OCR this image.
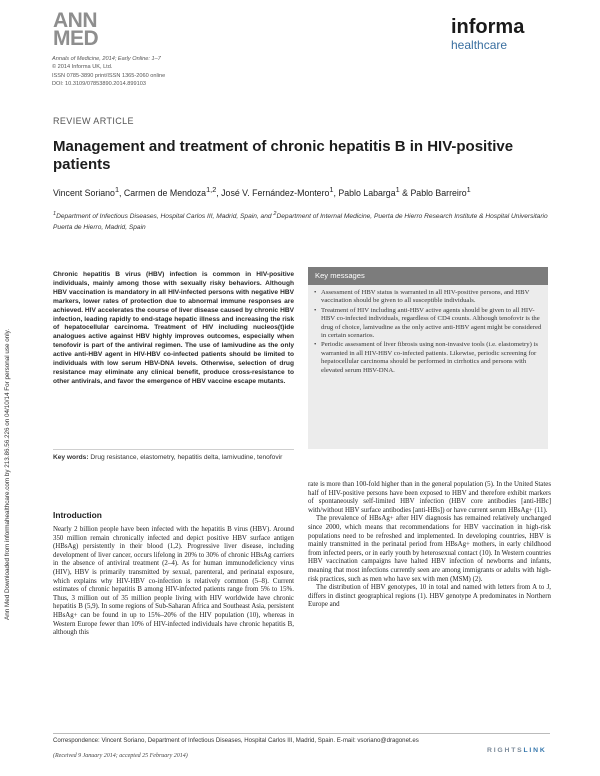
ANN
MED
Annals of Medicine, 2014; Early Online: 1–7
© 2014 Informa UK, Ltd.
ISSN 0785-3890 print/ISSN 1365-2060 online
DOI: 10.3109/07853890.2014.899103
informa
healthcare
REVIEW ARTICLE
Management and treatment of chronic hepatitis B in HIV-positive patients
Vincent Soriano$^1$, Carmen de Mendoza$^{1,2}$, José V. Fernández-Montero$^1$, Pablo Labarga$^1$ & Pablo Barreiro$^1$
$^1$Department of Infectious Diseases, Hospital Carlos III, Madrid, Spain, and $^2$Department of Internal Medicine, Puerta de Hierro Research Institute & Hospital Universitario Puerta de Hierro, Madrid, Spain
Ann Med Downloaded from informahealthcare.com by 213.86.56.226 on 04/10/14 For personal use only.
Chronic hepatitis B virus (HBV) infection is common in HIV-positive individuals, mainly among those with sexually risky behaviors. Although HBV vaccination is mandatory in all HIV-infected persons with negative HBV markers, lower rates of protection due to abnormal immune responses are achieved. HIV accelerates the course of liver disease caused by chronic HBV infection, leading rapidly to end-stage hepatic illness and increasing the risk of hepatocellular carcinoma. Treatment of HIV including nucleos(t)ide analogues active against HBV highly improves outcomes, especially when tenofovir is part of the antiviral regimen. The use of lamivudine as the only active anti-HBV agent in HIV-HBV co-infected patients should be limited to individuals with low serum HBV-DNA levels. Otherwise, selection of drug resistance may eliminate any clinical benefit, produce cross-resistance to other antivirals, and favor the emergence of HBV vaccine escape mutants.
Key words: Drug resistance, elastometry, hepatitis delta, lamivudine, tenofovir
Key messages
• Assessment of HBV status is warranted in all HIV-positive persons, and HBV vaccination should be given to all susceptible individuals.
• Treatment of HIV including anti-HBV active agents should be given to all HIV-HBV co-infected individuals, regardless of CD4 counts. Although tenofovir is the drug of choice, lamivudine as the only active anti-HBV agent might be considered in certain scenarios.
• Periodic assessment of liver fibrosis using non-invasive tools (i.e. elastometry) is warranted in all HIV-HBV co-infected patients. Likewise, periodic screening for hepatocellular carcinoma should be performed in cirrhotics and persons with elevated serum HBV-DNA.
Introduction

Nearly 2 billion people have been infected with the hepatitis B virus (HBV). Around 350 million remain chronically infected and depict positive HBV surface antigen (HBsAg) persistently in their blood (1,2). Progressive liver disease, including development of liver cancer, occurs lifelong in 20% to 30% of chronic HBsAg carriers in the absence of antiviral treatment (2–4). As for human immunodeficiency virus (HIV), HBV is primarily transmitted by sexual, parenteral, and perinatal exposure, which explains why HIV-HBV co-infection is relatively common (5–8). Current estimates of chronic hepatitis B among HIV-infected patients range from 5% to 15%. Thus, 3 million out of 35 million people living with HIV worldwide have chronic hepatitis B (5,9). In some regions of Sub-Saharan Africa and Southeast Asia, persistent HBsAg+ can be found in up to 15%–20% of the HIV population (10), whereas in Western Europe fewer than 10% of HIV-infected individuals have chronic hepatitis B, although this

rate is more than 100-fold higher than in the general population (5). In the United States half of HIV-positive persons have been exposed to HBV and therefore exhibit markers of spontaneously self-limited HBV infection (HBV core antibodies [anti-HBc] with/without HBV surface antibodies [anti-HBs]) or have current serum HBsAg+ (11).

The prevalence of HBsAg+ after HIV diagnosis has remained relatively unchanged since 2000, which means that recommendations for HBV vaccination in high-risk populations need to be refreshed and implemented. In developing countries, HBV is mainly transmitted in the perinatal period from HBsAg+ mothers, in early childhood from infected peers, or in early youth by heterosexual contact (10). In Western countries HBV vaccination campaigns have halted HBV infection of newborns and infants, meaning that most infections currently seen are among immigrants or adults with high-risk practices, such as men who have sex with men (MSM) (2).

The distribution of HBV genotypes, 10 in total and named with letters from A to J, differs in distinct geographical regions (1). HBV genotype A predominates in Northern Europe and

Correspondence: Vincent Soriano, Department of Infectious Diseases, Hospital Carlos III, Madrid, Spain. E-mail: vsoriano@dragonet.es
(Received 9 January 2014; accepted 25 February 2014)
RIGHTSLINK
